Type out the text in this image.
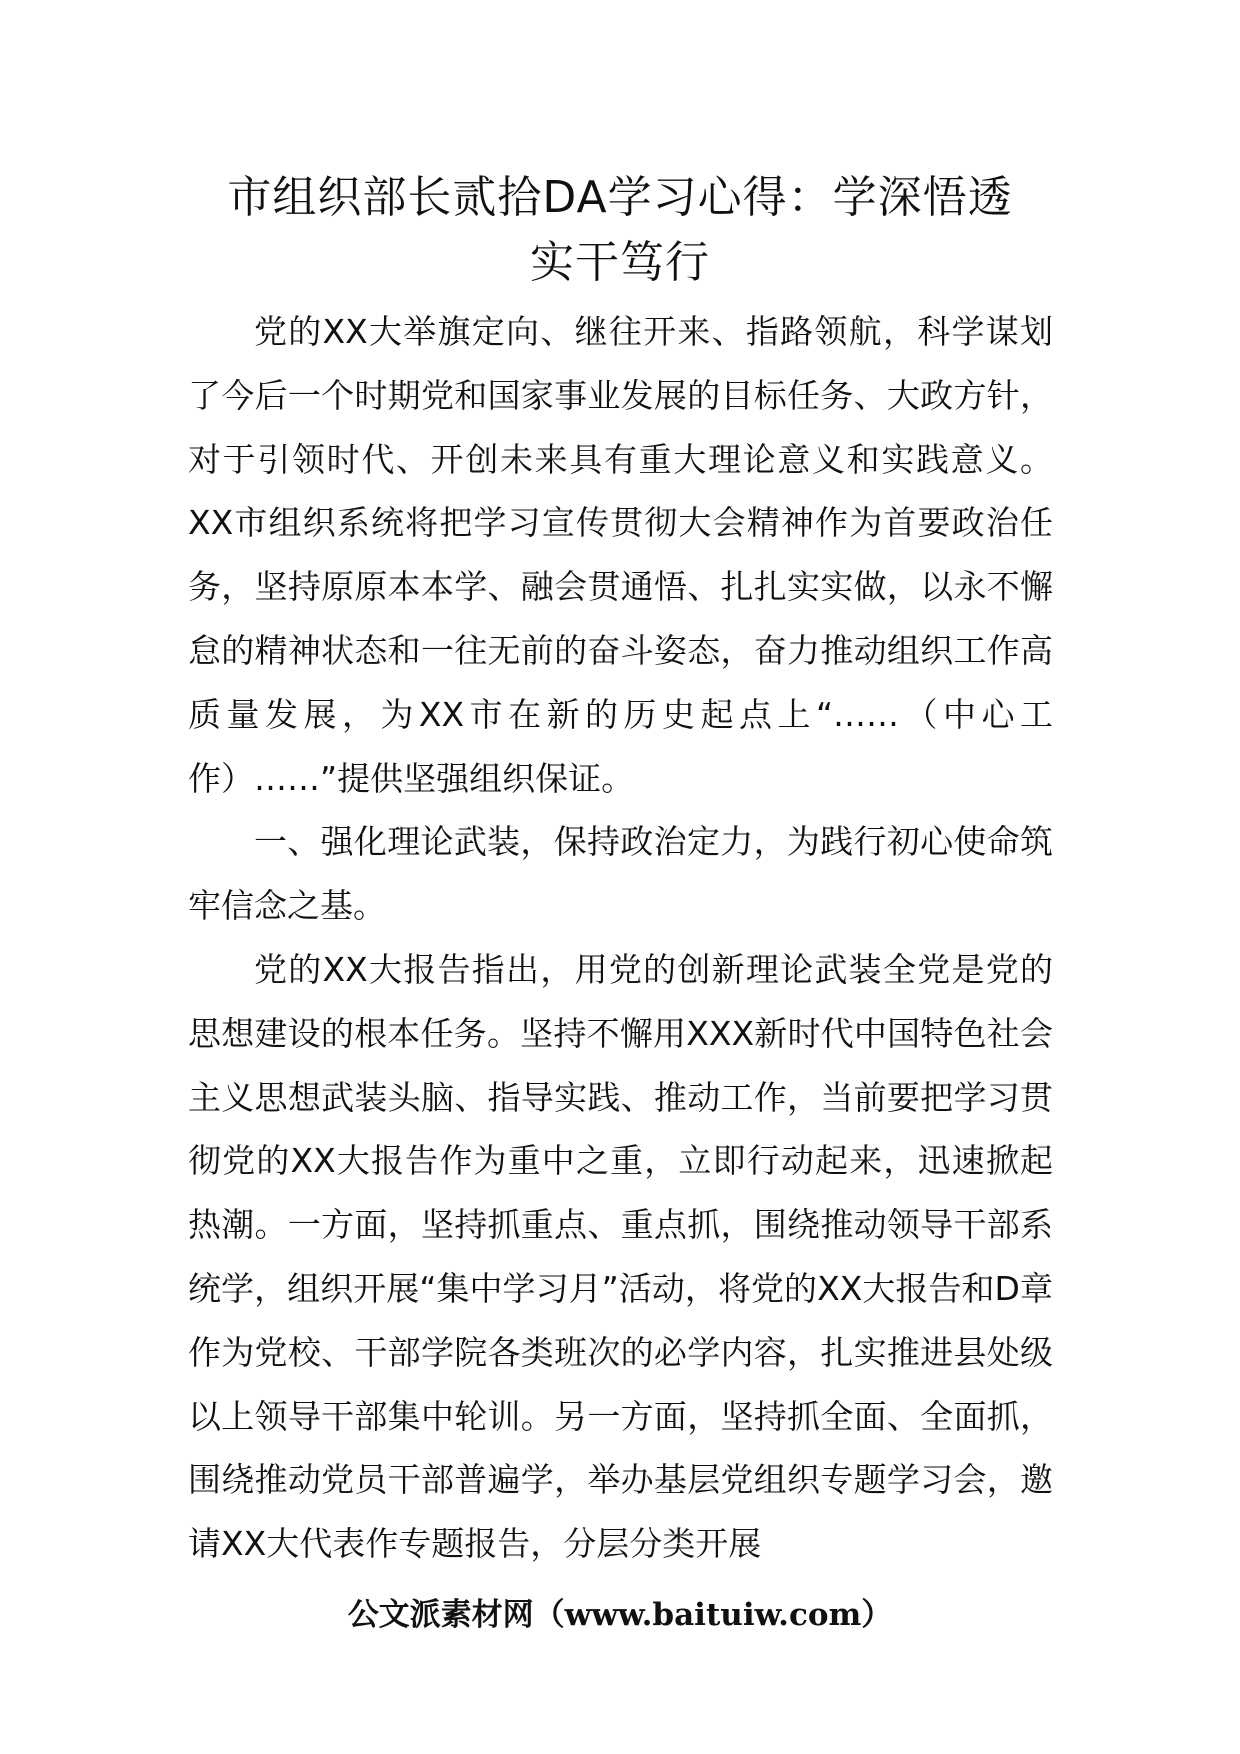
市组织部长贰拾DA学习心得：学深悟透
实干笃行

党的XX大举旗定向、继往开来、指路领航，科学谋划了今后一个时期党和国家事业发展的目标任务、大政方针，对于引领时代、开创未来具有重大理论意义和实践意义。XX市组织系统将把学习宣传贯彻大会精神作为首要政治任务，坚持原原本本学、融会贯通悟、扎扎实实做，以永不懈怠的精神状态和一往无前的奋斗姿态，奋力推动组织工作高质量发展，为XX市在新的历史起点上“……（中心工作）……”提供坚强组织保证。

一、强化理论武装，保持政治定力，为践行初心使命筑牢信念之基。

党的XX大报告指出，用党的创新理论武装全党是党的思想建设的根本任务。坚持不懈用XXX新时代中国特色社会主义思想武装头脑、指导实践、推动工作，当前要把学习贯彻党的XX大报告作为重中之重，立即行动起来，迅速掀起热潮。一方面，坚持抓重点、重点抓，围绕推动领导干部系统学，组织开展“集中学习月”活动，将党的XX大报告和D章作为党校、干部学院各类班次的必学内容，扎实推进县处级以上领导干部集中轮训。另一方面，坚持抓全面、全面抓，围绕推动党员干部普遍学，举办基层党组织专题学习会，邀请XX大代表作专题报告，分层分类开展

公文派素材网（www.baituiw.com）
